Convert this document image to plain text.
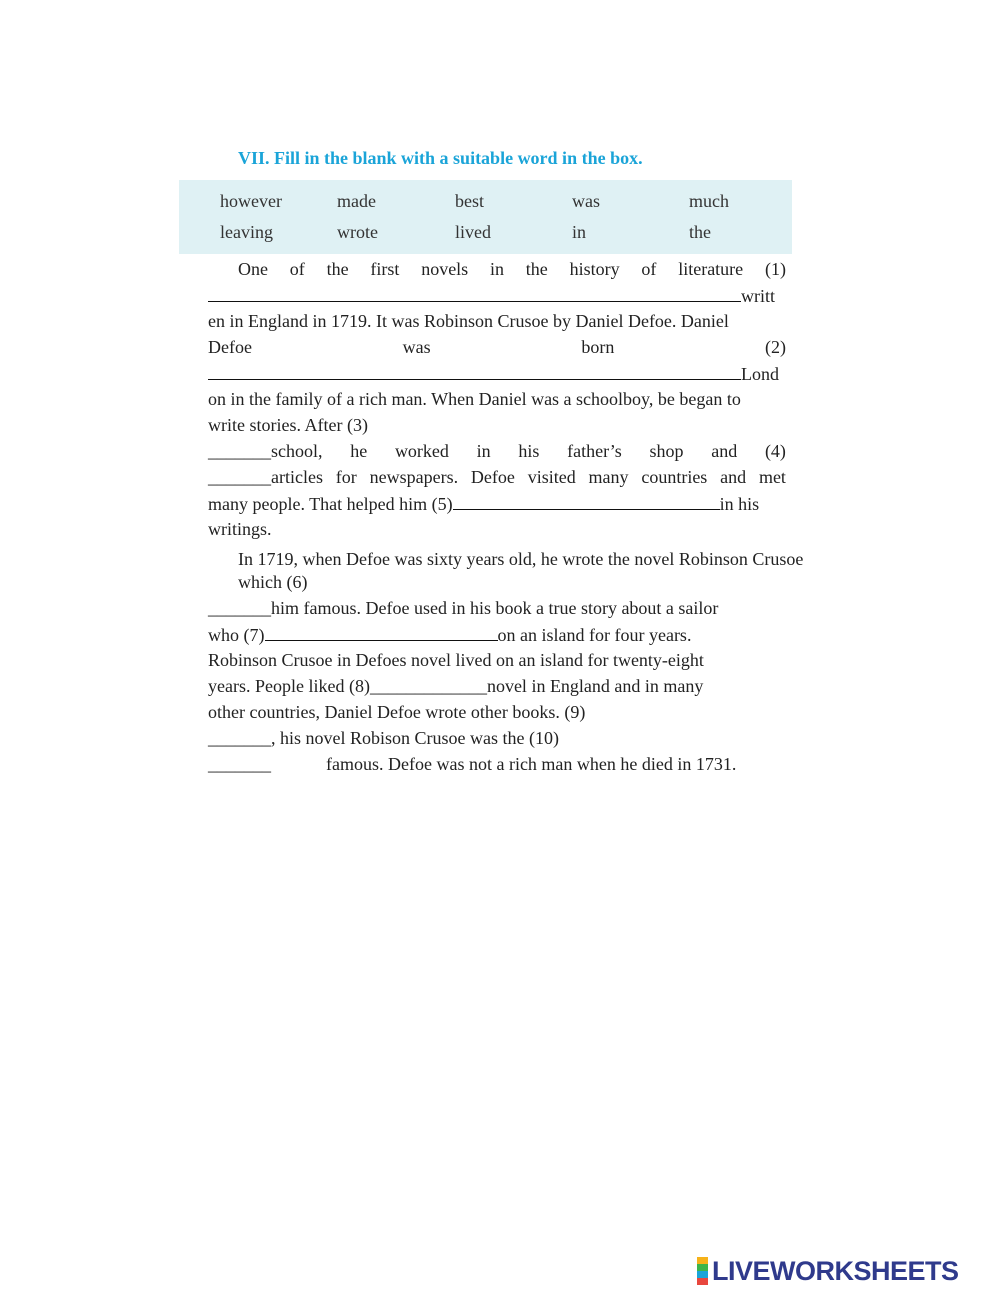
VII. Fill in the blank with a suitable word in the box.
however	made	best	was	much
leaving	wrote	lived	in	the
One of the first novels in the history of literature (1)
writt
en in England in 1719. It was Robinson Crusoe by Daniel Defoe. Daniel
Defoe	was	born	(2)
Lond
on in the family of a rich man. When Daniel was a schoolboy, be began to
write stories. After (3)
_______school, he worked in his father’s shop and (4)
_______articles for newspapers. Defoe visited many countries and met
many people. That helped him (5)	in his
writings.
In 1719, when Defoe was sixty years old, he wrote the novel Robinson Crusoe
which (6)
_______him famous. Defoe used in his book a true story about a sailor
who (7)	on an island for four years.
Robinson Crusoe in Defoes novel lived on an island for twenty-eight
years. People liked (8)_____________novel in England and in many
other countries, Daniel Defoe wrote other books. (9)
_______, his novel Robison Crusoe was the (10)
_______	famous. Defoe was not a rich man when he died in 1731.
LIVEWORKSHEETS
